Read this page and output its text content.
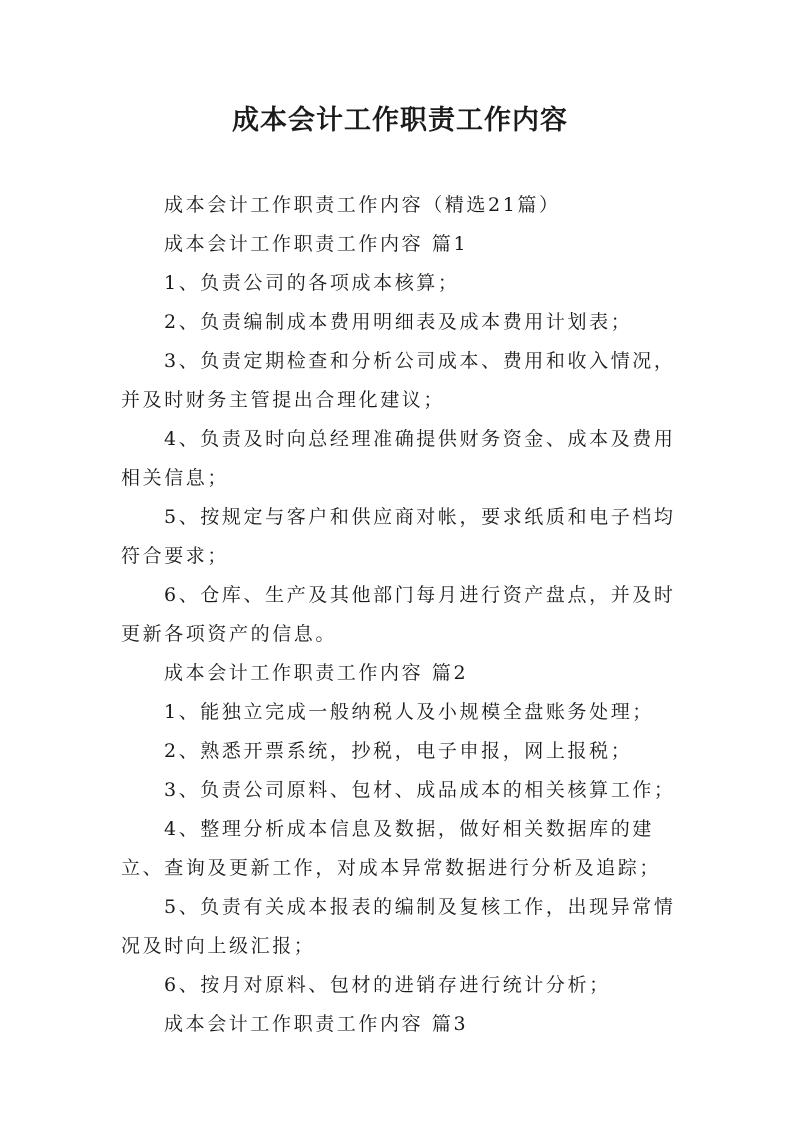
成本会计工作职责工作内容

成本会计工作职责工作内容（精选21篇）

成本会计工作职责工作内容 篇1

1、负责公司的各项成本核算；

2、负责编制成本费用明细表及成本费用计划表；

3、负责定期检查和分析公司成本、费用和收入情况，并及时财务主管提出合理化建议；

4、负责及时向总经理准确提供财务资金、成本及费用相关信息；

5、按规定与客户和供应商对帐，要求纸质和电子档均符合要求；

6、仓库、生产及其他部门每月进行资产盘点，并及时更新各项资产的信息。

成本会计工作职责工作内容 篇2

1、能独立完成一般纳税人及小规模全盘账务处理；

2、熟悉开票系统，抄税，电子申报，网上报税；

3、负责公司原料、包材、成品成本的相关核算工作；

4、整理分析成本信息及数据，做好相关数据库的建立、查询及更新工作，对成本异常数据进行分析及追踪；

5、负责有关成本报表的编制及复核工作，出现异常情况及时向上级汇报；

6、按月对原料、包材的进销存进行统计分析；

成本会计工作职责工作内容 篇3
